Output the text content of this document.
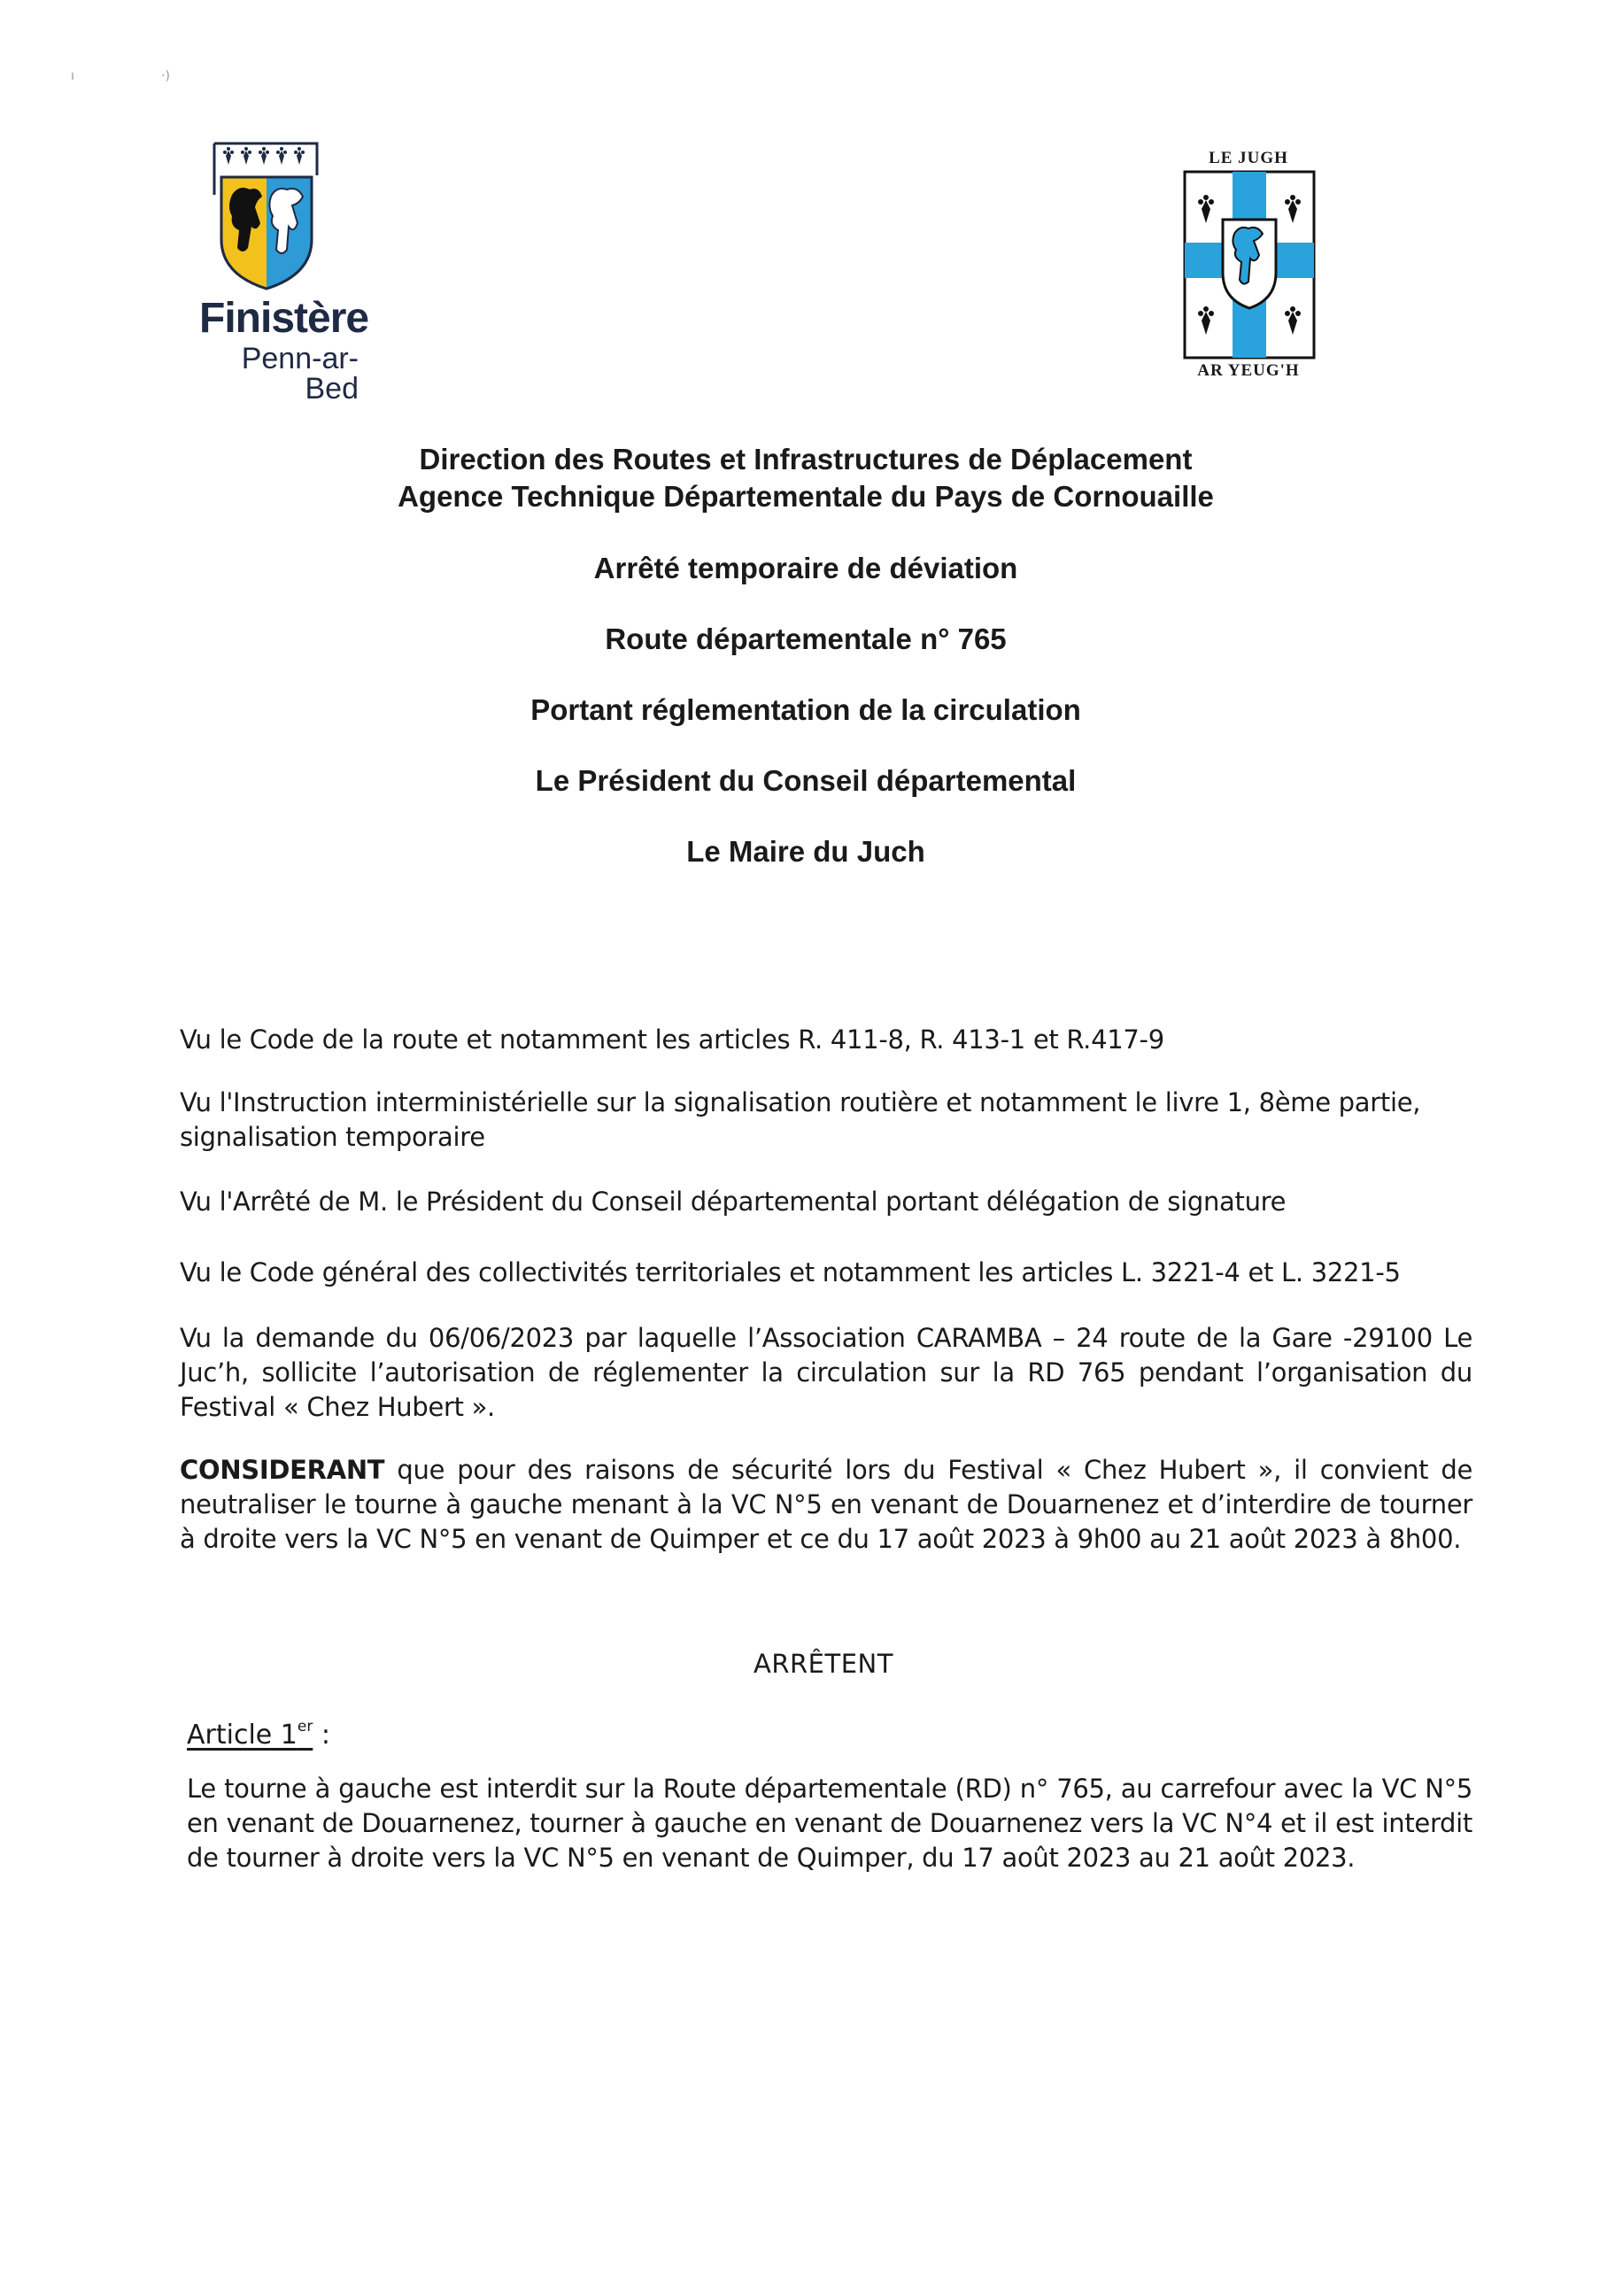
ı	·)
Finistère
Penn-ar-Bed
LE JUGH
AR YEUG'H
Direction des Routes et Infrastructures de Déplacement
Agence Technique Départementale du Pays de Cornouaille
Arrêté temporaire de déviation
Route départementale n° 765
Portant réglementation de la circulation
Le Président du Conseil départemental
Le Maire du Juch
Vu le Code de la route et notamment les articles R. 411-8, R. 413-1 et R.417-9
Vu l'Instruction interministérielle sur la signalisation routière et notamment le livre 1, 8ème partie, signalisation temporaire
Vu l'Arrêté de M. le Président du Conseil départemental portant délégation de signature
Vu le Code général des collectivités territoriales et notamment les articles L. 3221-4 et L. 3221-5
Vu la demande du 06/06/2023 par laquelle l’Association CARAMBA – 24 route de la Gare -29100 Le Juc’h, sollicite l’autorisation de réglementer la circulation sur la RD 765 pendant l’organisation du Festival « Chez Hubert ».
CONSIDERANT que pour des raisons de sécurité lors du Festival « Chez Hubert », il convient de neutraliser le tourne à gauche menant à la VC N°5 en venant de Douarnenez et d’interdire de tourner à droite vers la VC N°5 en venant de Quimper et ce du 17 août 2023 à 9h00 au 21 août 2023 à 8h00.
ARRÊTENT
Article 1er :
Le tourne à gauche est interdit sur la Route départementale (RD) n° 765, au carrefour avec la VC N°5 en venant de Douarnenez, tourner à gauche en venant de Douarnenez vers la VC N°4 et il est interdit de tourner à droite vers la VC N°5 en venant de Quimper, du 17 août 2023 au 21 août 2023.
